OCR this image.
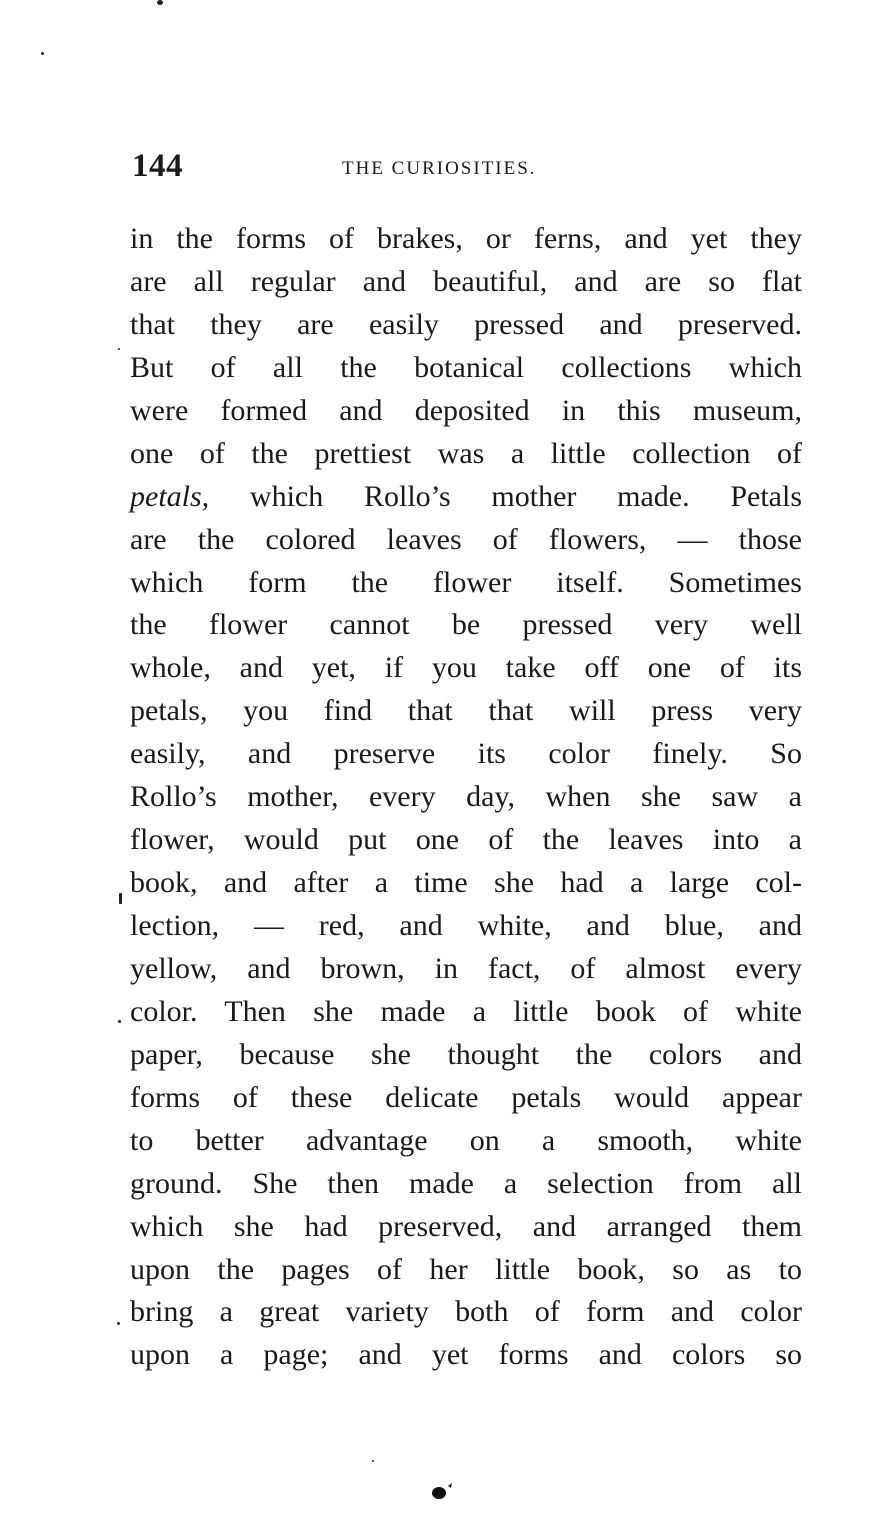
144	THE CURIOSITIES.
in the forms of brakes, or ferns, and yet they
are all regular and beautiful, and are so flat
that they are easily pressed and preserved.
But of all the botanical collections which
were formed and deposited in this museum,
one of the prettiest was a little collection of
petals, which Rollo’s mother made. Petals
are the colored leaves of flowers, — those
which form the flower itself. Sometimes
the flower cannot be pressed very well
whole, and yet, if you take off one of its
petals, you find that that will press very
easily, and preserve its color finely. So
Rollo’s mother, every day, when she saw a
flower, would put one of the leaves into a
book, and after a time she had a large col-
lection, — red, and white, and blue, and
yellow, and brown, in fact, of almost every
color. Then she made a little book of white
paper, because she thought the colors and
forms of these delicate petals would appear
to better advantage on a smooth, white
ground. She then made a selection from all
which she had preserved, and arranged them
upon the pages of her little book, so as to
bring a great variety both of form and color
upon a page; and yet forms and colors so
